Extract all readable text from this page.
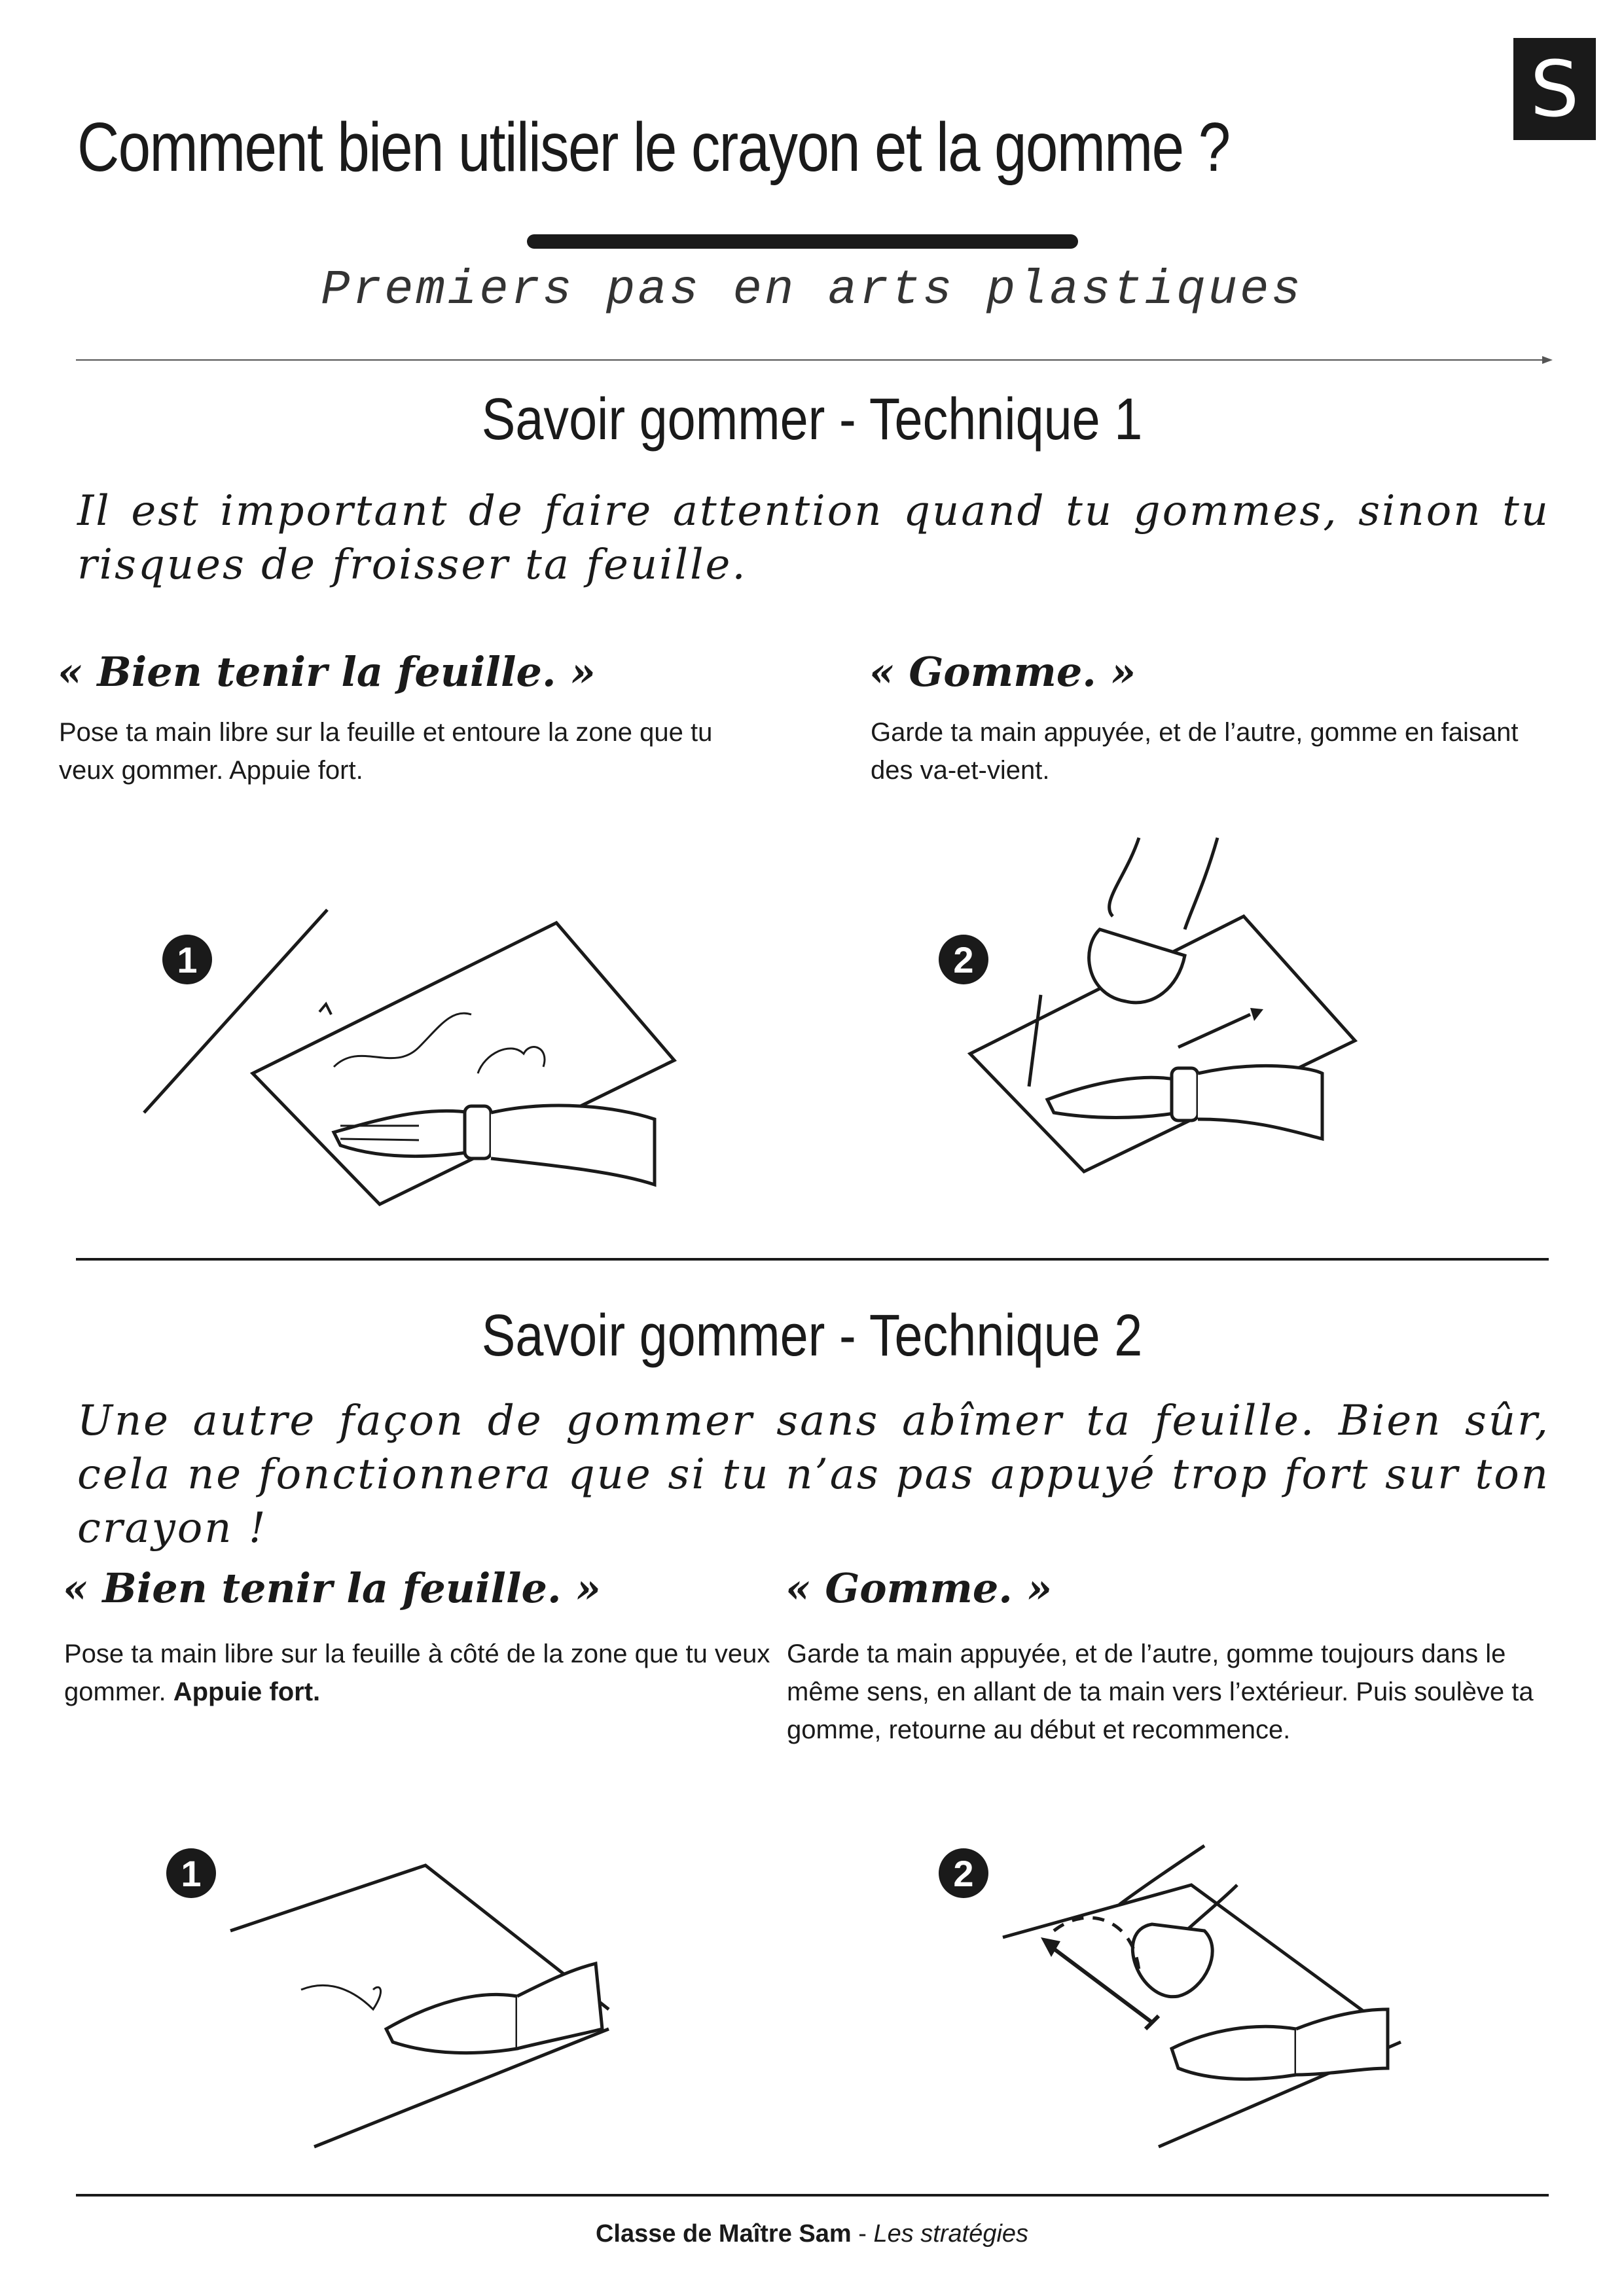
S
Comment bien utiliser le crayon et la gomme ?
Premiers pas en arts plastiques
Savoir gommer - Technique 1
Il est important de faire attention quand tu gommes, sinon tu risques de froisser ta feuille.
« Bien tenir la feuille. »
Pose ta main libre sur la feuille et entoure la zone que tu veux gommer. Appuie fort.
« Gomme. »
Garde ta main appuyée, et de l’autre, gomme en faisant des va-et-vient.
1	2
Savoir gommer - Technique 2
Une autre façon de gommer sans abîmer ta feuille. Bien sûr, cela ne fonctionnera que si tu n’as pas appuyé trop fort sur ton crayon !
« Bien tenir la feuille. »
Pose ta main libre sur la feuille à côté de la zone que tu veux gommer. Appuie fort.
« Gomme. »
Garde ta main appuyée, et de l’autre, gomme toujours dans le même sens, en allant de ta main vers l’extérieur. Puis soulève ta gomme, retourne au début et recommence.
1	2
Classe de Maître Sam - Les stratégies
